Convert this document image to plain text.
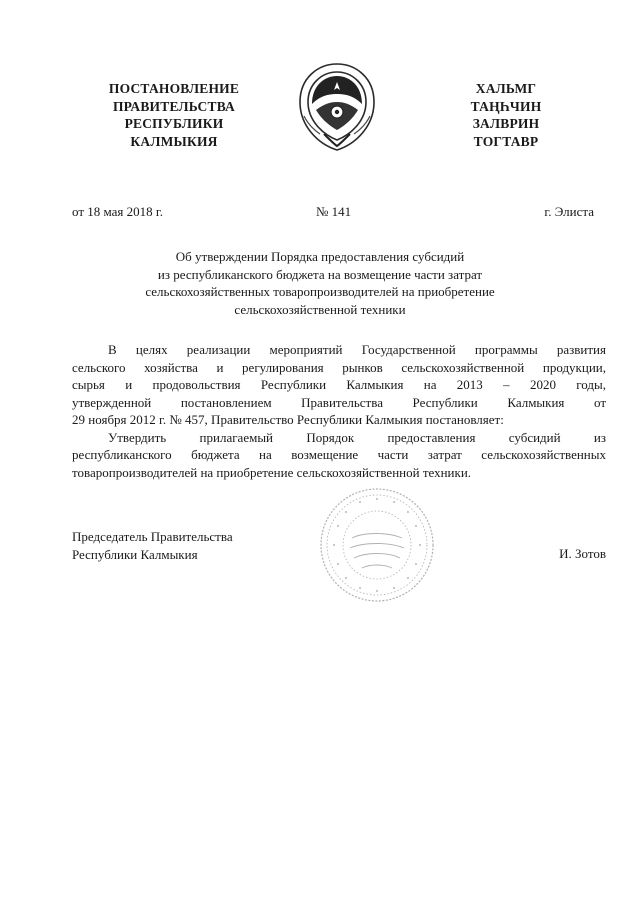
ПОСТАНОВЛЕНИЕ
ПРАВИТЕЛЬСТВА
РЕСПУБЛИКИ
КАЛМЫКИЯ
ХАЛЬМГ
ТАҢҺЧИН
ЗАЛВРИН
ТОГТАВР
от 18 мая 2018 г.	№ 141	г. Элиста
Об утверждении Порядка предоставления субсидий
из республиканского бюджета на возмещение части затрат
сельскохозяйственных товаропроизводителей на приобретение
сельскохозяйственной техники
В целях реализации мероприятий Государственной программы развития
сельского хозяйства и регулирования рынков сельскохозяйственной продукции,
сырья и продовольствия Республики Калмыкия на 2013 – 2020 годы,
утвержденной постановлением Правительства Республики Калмыкия от
29 ноября 2012 г. № 457, Правительство Республики Калмыкия постановляет:
Утвердить прилагаемый Порядок предоставления субсидий из
республиканского бюджета на возмещение части затрат сельскохозяйственных
товаропроизводителей на приобретение сельскохозяйственной техники.
Председатель Правительства
Республики Калмыкия	И. Зотов
